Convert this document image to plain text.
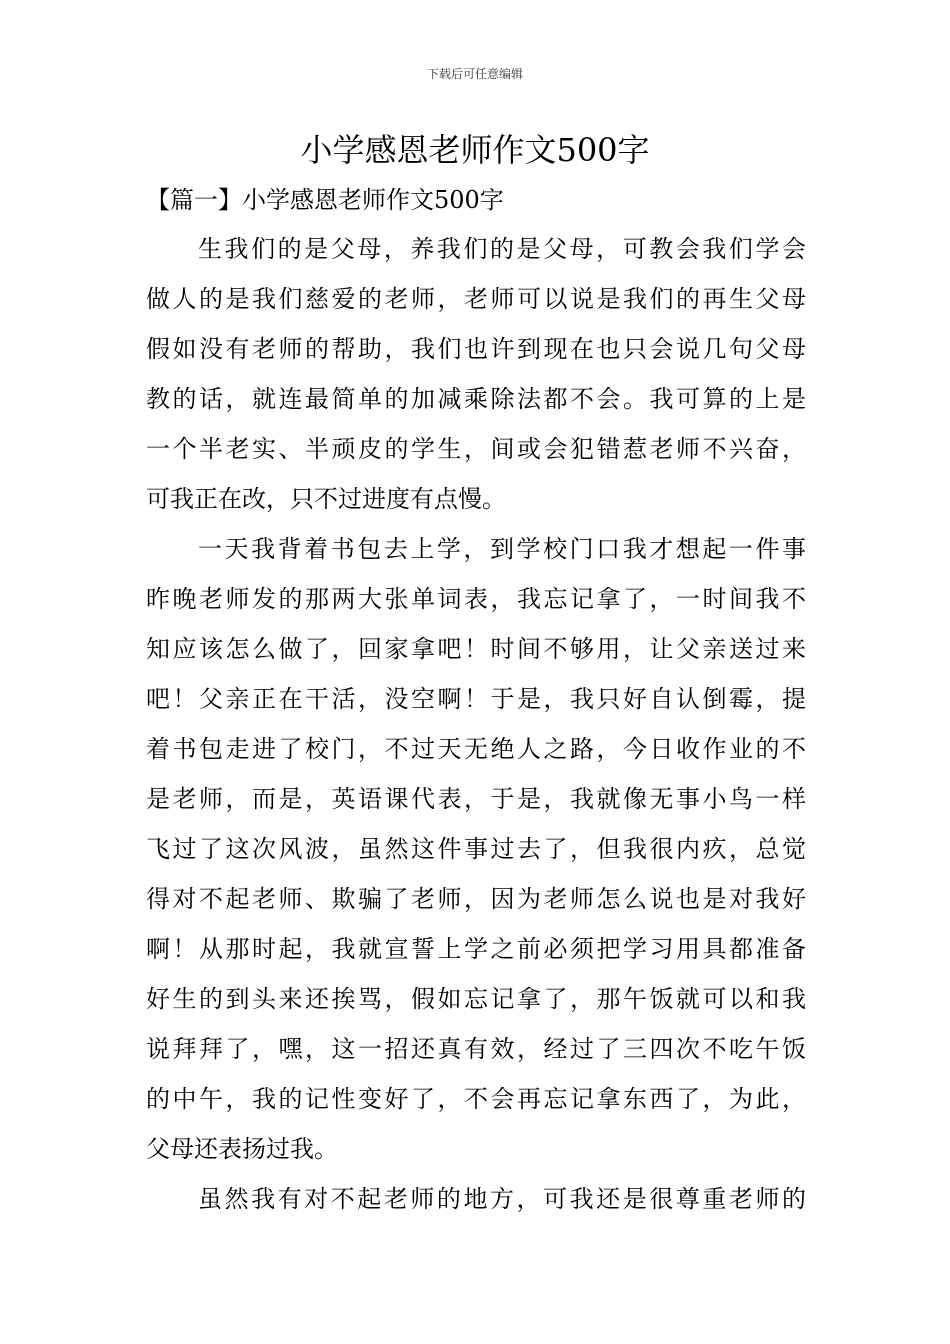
下载后可任意编辑
小学感恩老师作文500字
【篇一】小学感恩老师作文500字
生我们的是父母，养我们的是父母，可教会我们学会
做人的是我们慈爱的老师，老师可以说是我们的再生父母
假如没有老师的帮助，我们也许到现在也只会说几句父母
教的话，就连最简单的加减乘除法都不会。我可算的上是
一个半老实、半顽皮的学生，间或会犯错惹老师不兴奋，
可我正在改，只不过进度有点慢。
一天我背着书包去上学，到学校门口我才想起一件事
昨晚老师发的那两大张单词表，我忘记拿了，一时间我不
知应该怎么做了，回家拿吧！时间不够用，让父亲送过来
吧！父亲正在干活，没空啊！于是，我只好自认倒霉，提
着书包走进了校门，不过天无绝人之路，今日收作业的不
是老师，而是，英语课代表，于是，我就像无事小鸟一样
飞过了这次风波，虽然这件事过去了，但我很内疚，总觉
得对不起老师、欺骗了老师，因为老师怎么说也是对我好
啊！从那时起，我就宣誓上学之前必须把学习用具都准备
好生的到头来还挨骂，假如忘记拿了，那午饭就可以和我
说拜拜了，嘿，这一招还真有效，经过了三四次不吃午饭
的中午，我的记性变好了，不会再忘记拿东西了，为此，
父母还表扬过我。
虽然我有对不起老师的地方，可我还是很尊重老师的
